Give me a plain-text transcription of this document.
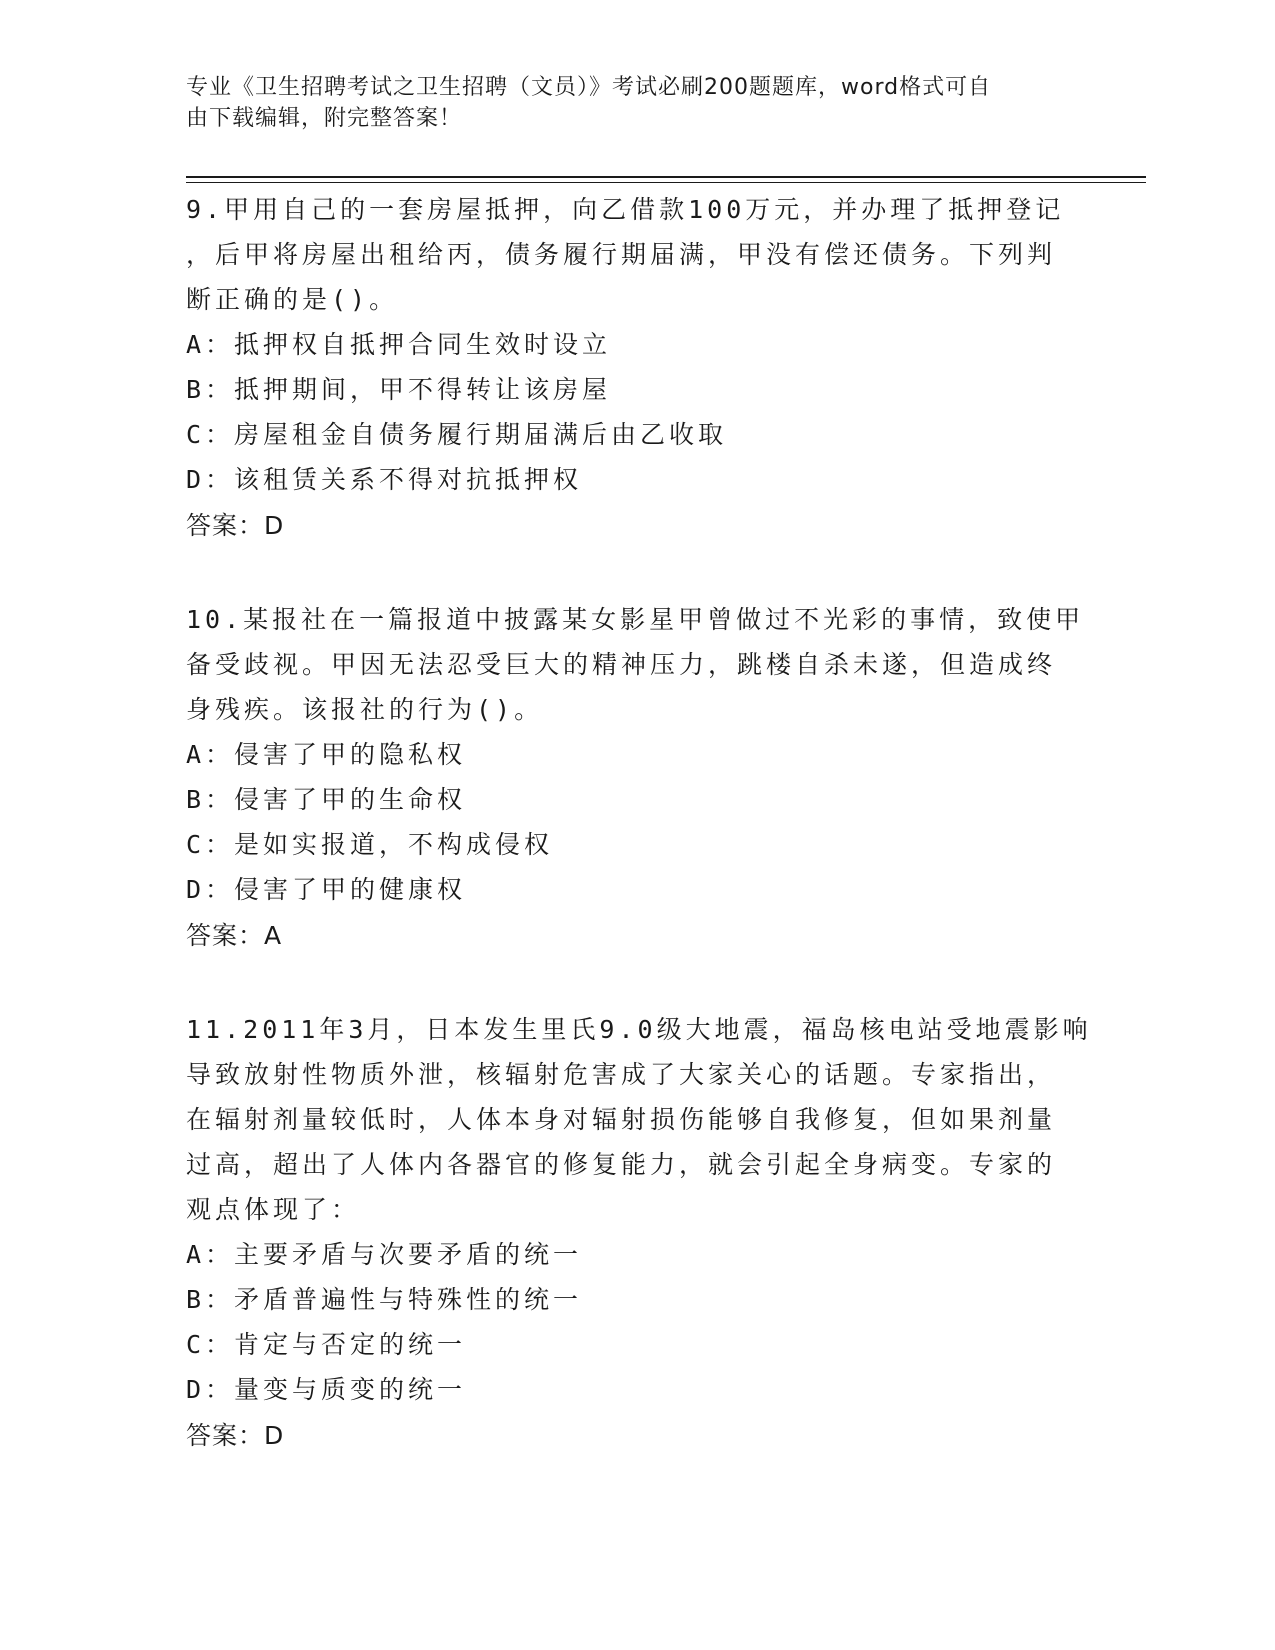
专业《卫生招聘考试之卫生招聘（文员）》考试必刷200题题库，word格式可自
由下载编辑，附完整答案！
9.甲用自己的一套房屋抵押，向乙借款100万元，并办理了抵押登记
，后甲将房屋出租给丙，债务履行期届满，甲没有偿还债务。下列判
断正确的是()。
A：抵押权自抵押合同生效时设立
B：抵押期间，甲不得转让该房屋
C：房屋租金自债务履行期届满后由乙收取
D：该租赁关系不得对抗抵押权
答案：D
10.某报社在一篇报道中披露某女影星甲曾做过不光彩的事情，致使甲
备受歧视。甲因无法忍受巨大的精神压力，跳楼自杀未遂，但造成终
身残疾。该报社的行为()。
A：侵害了甲的隐私权
B：侵害了甲的生命权
C：是如实报道，不构成侵权
D：侵害了甲的健康权
答案：A
11.2011年3月，日本发生里氏9.0级大地震，福岛核电站受地震影响
导致放射性物质外泄，核辐射危害成了大家关心的话题。专家指出，
在辐射剂量较低时，人体本身对辐射损伤能够自我修复，但如果剂量
过高，超出了人体内各器官的修复能力，就会引起全身病变。专家的
观点体现了：
A：主要矛盾与次要矛盾的统一
B：矛盾普遍性与特殊性的统一
C：肯定与否定的统一
D：量变与质变的统一
答案：D
